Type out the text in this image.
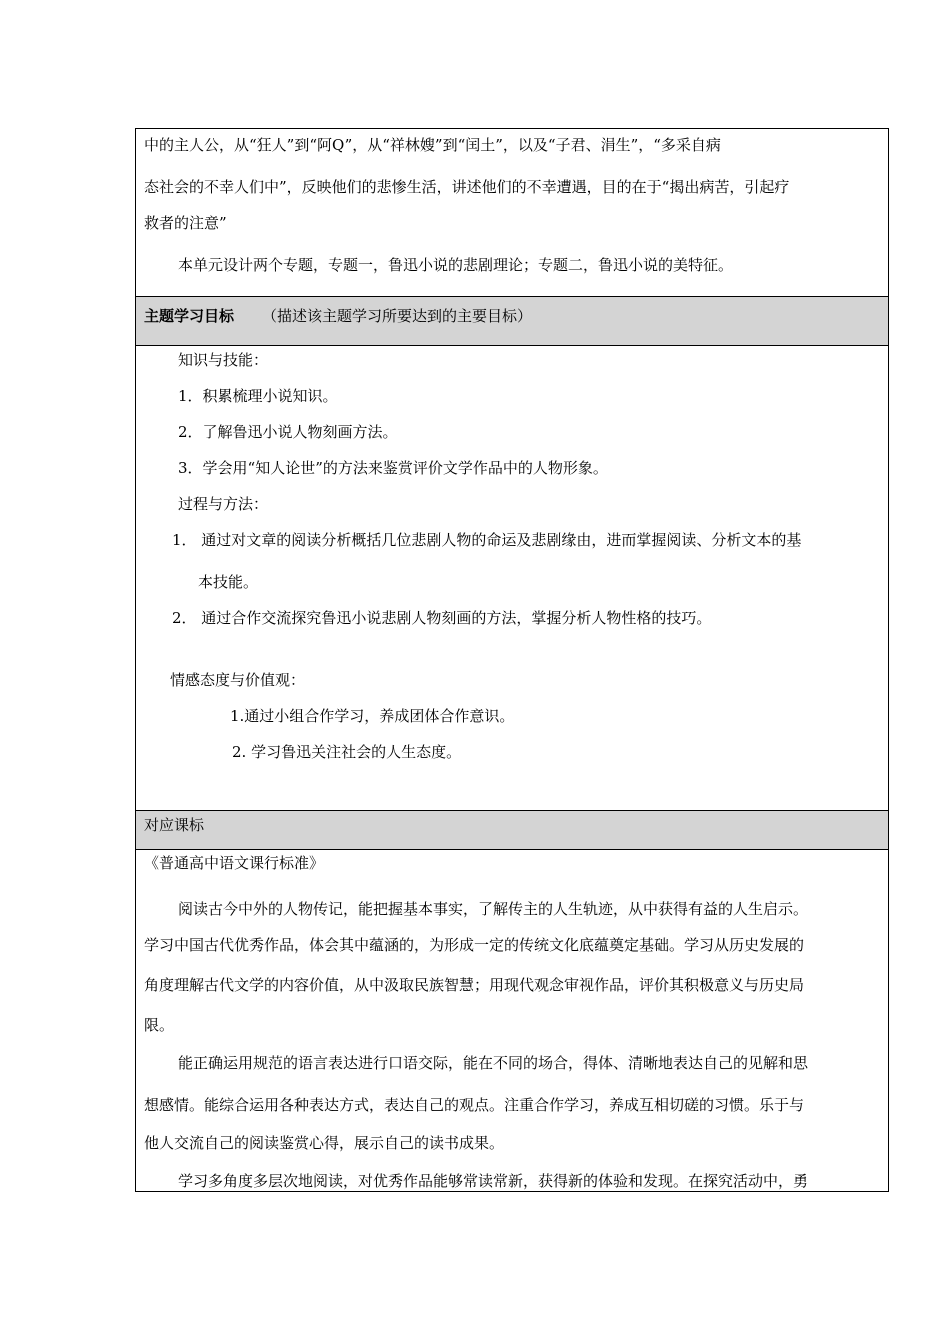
中的主人公，从“狂人”到“阿Q”，从“祥林嫂”到“闰土”，以及“子君、涓生”，“多采自病
态社会的不幸人们中”，反映他们的悲惨生活，讲述他们的不幸遭遇，目的在于“揭出病苦，引起疗
救者的注意”
本单元设计两个专题，专题一，鲁迅小说的悲剧理论；专题二，鲁迅小说的美特征。
主题学习目标 （描述该主题学习所要达到的主要目标）
知识与技能：
1．积累梳理小说知识。
2．了解鲁迅小说人物刻画方法。
3．学会用“知人论世”的方法来鉴赏评价文学作品中的人物形象。
过程与方法：
1． 通过对文章的阅读分析概括几位悲剧人物的命运及悲剧缘由，进而掌握阅读、分析文本的基
本技能。
2． 通过合作交流探究鲁迅小说悲剧人物刻画的方法，掌握分析人物性格的技巧。
情感态度与价值观：
1.通过小组合作学习，养成团体合作意识。
2. 学习鲁迅关注社会的人生态度。
对应课标
《普通高中语文课行标准》
阅读古今中外的人物传记，能把握基本事实，了解传主的人生轨迹，从中获得有益的人生启示。
学习中国古代优秀作品，体会其中蕴涵的，为形成一定的传统文化底蕴奠定基础。学习从历史发展的
角度理解古代文学的内容价值，从中汲取民族智慧；用现代观念审视作品，评价其积极意义与历史局
限。
能正确运用规范的语言表达进行口语交际，能在不同的场合，得体、清晰地表达自己的见解和思
想感情。能综合运用各种表达方式，表达自己的观点。注重合作学习，养成互相切磋的习惯。乐于与
他人交流自己的阅读鉴赏心得，展示自己的读书成果。
学习多角度多层次地阅读，对优秀作品能够常读常新，获得新的体验和发现。在探究活动中，勇
